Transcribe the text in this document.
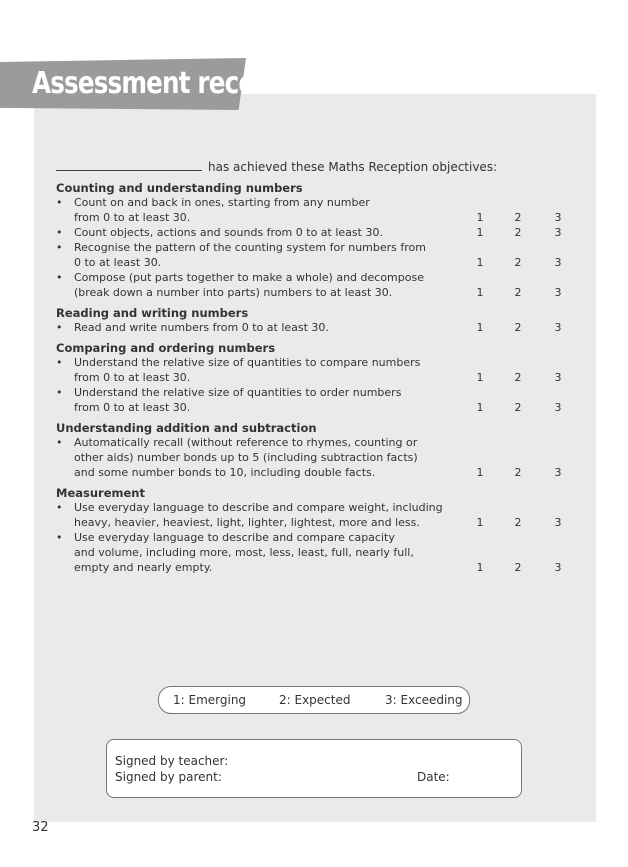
Assessment record
has achieved these Maths Reception objectives:
Counting and understanding numbers
• Count on and back in ones, starting from any number
from 0 to at least 30.	1	2	3
• Count objects, actions and sounds from 0 to at least 30.	1	2	3
• Recognise the pattern of the counting system for numbers from
0 to at least 30.	1	2	3
• Compose (put parts together to make a whole) and decompose
(break down a number into parts) numbers to at least 30.	1	2	3
Reading and writing numbers
• Read and write numbers from 0 to at least 30.	1	2	3
Comparing and ordering numbers
• Understand the relative size of quantities to compare numbers
from 0 to at least 30.	1	2	3
• Understand the relative size of quantities to order numbers
from 0 to at least 30.	1	2	3
Understanding addition and subtraction
• Automatically recall (without reference to rhymes, counting or
other aids) number bonds up to 5 (including subtraction facts)
and some number bonds to 10, including double facts.	1	2	3
Measurement
• Use everyday language to describe and compare weight, including
heavy, heavier, heaviest, light, lighter, lightest, more and less.	1	2	3
• Use everyday language to describe and compare capacity
and volume, including more, most, less, least, full, nearly full,
empty and nearly empty.	1	2	3
1: Emerging	2: Expected	3: Exceeding
Signed by teacher:
Signed by parent:	Date:
32
